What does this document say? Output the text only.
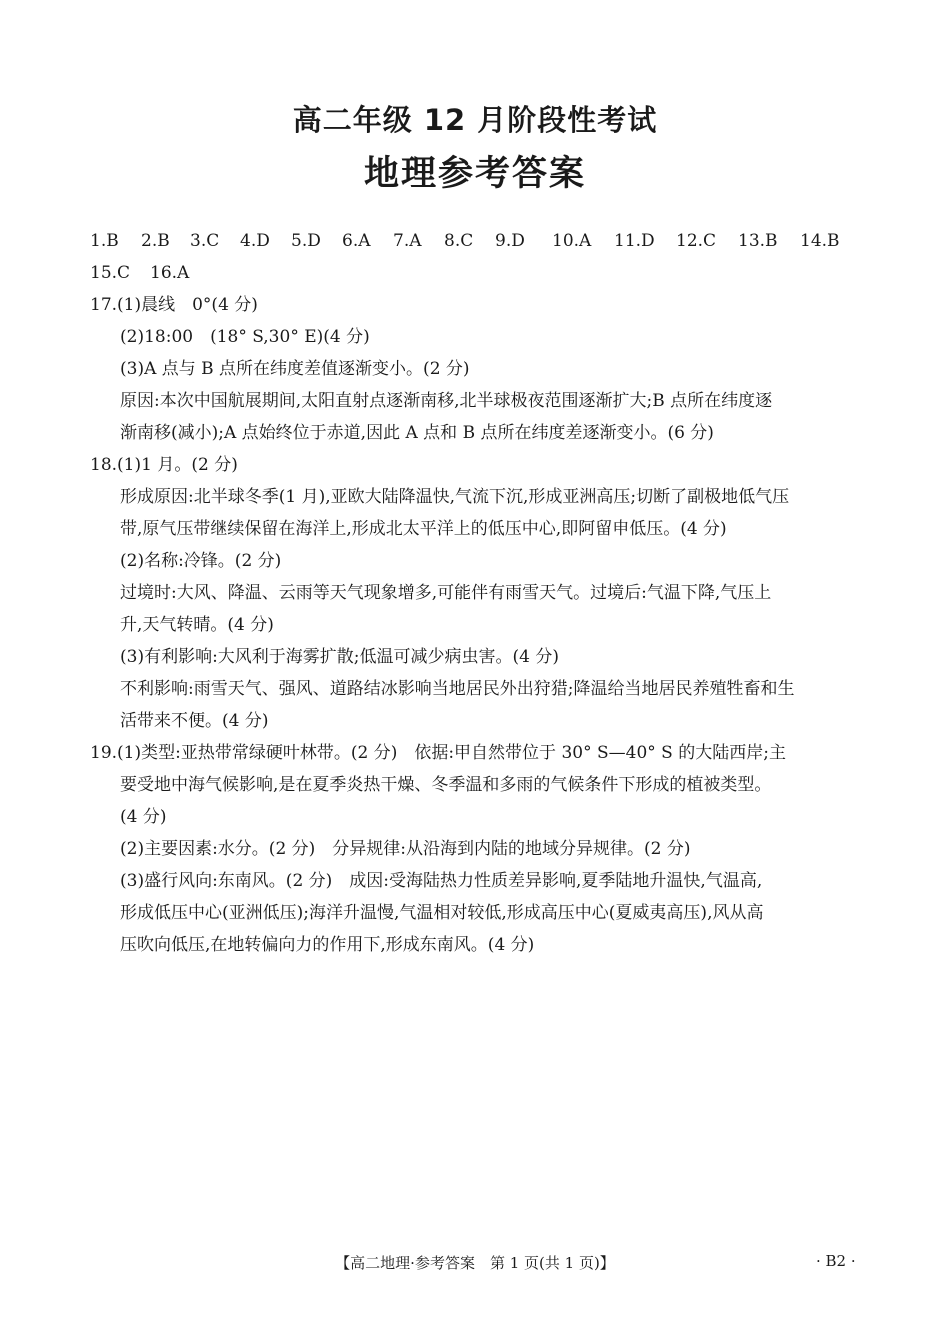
高二年级 12 月阶段性考试
地理参考答案
1.B 2.B 3.C 4.D 5.D 6.A 7.A 8.C 9.D 10.A 11.D 12.C 13.B 14.B
15.C 16.A
17.(1)晨线　0°(4 分)
(2)18:00　(18° S,30° E)(4 分)
(3)A 点与 B 点所在纬度差值逐渐变小。(2 分)
原因:本次中国航展期间,太阳直射点逐渐南移,北半球极夜范围逐渐扩大;B 点所在纬度逐
渐南移(减小);A 点始终位于赤道,因此 A 点和 B 点所在纬度差逐渐变小。(6 分)
18.(1)1 月。(2 分)
形成原因:北半球冬季(1 月),亚欧大陆降温快,气流下沉,形成亚洲高压;切断了副极地低气压
带,原气压带继续保留在海洋上,形成北太平洋上的低压中心,即阿留申低压。(4 分)
(2)名称:冷锋。(2 分)
过境时:大风、降温、云雨等天气现象增多,可能伴有雨雪天气。过境后:气温下降,气压上
升,天气转晴。(4 分)
(3)有利影响:大风利于海雾扩散;低温可减少病虫害。(4 分)
不利影响:雨雪天气、强风、道路结冰影响当地居民外出狩猎;降温给当地居民养殖牲畜和生
活带来不便。(4 分)
19.(1)类型:亚热带常绿硬叶林带。(2 分)　依据:甲自然带位于 30° S—40° S 的大陆西岸;主
要受地中海气候影响,是在夏季炎热干燥、冬季温和多雨的气候条件下形成的植被类型。
(4 分)
(2)主要因素:水分。(2 分)　分异规律:从沿海到内陆的地域分异规律。(2 分)
(3)盛行风向:东南风。(2 分)　成因:受海陆热力性质差异影响,夏季陆地升温快,气温高,
形成低压中心(亚洲低压);海洋升温慢,气温相对较低,形成高压中心(夏威夷高压),风从高
压吹向低压,在地转偏向力的作用下,形成东南风。(4 分)
【高二地理·参考答案　第 1 页(共 1 页)】	· B2 ·
